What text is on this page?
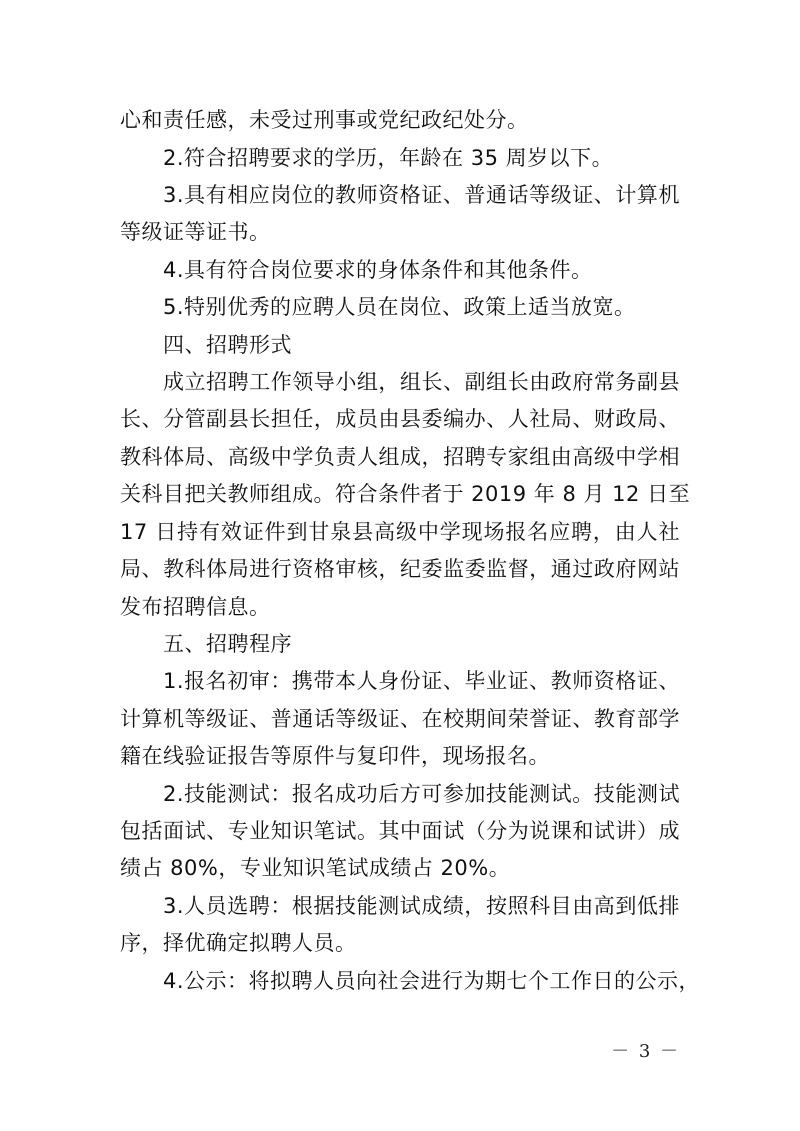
心和责任感，未受过刑事或党纪政纪处分。
2.符合招聘要求的学历，年龄在 35 周岁以下。
3.具有相应岗位的教师资格证、普通话等级证、计算机
等级证等证书。
4.具有符合岗位要求的身体条件和其他条件。
5.特别优秀的应聘人员在岗位、政策上适当放宽。
四、招聘形式
成立招聘工作领导小组，组长、副组长由政府常务副县
长、分管副县长担任，成员由县委编办、人社局、财政局、
教科体局、高级中学负责人组成，招聘专家组由高级中学相
关科目把关教师组成。符合条件者于 2019 年 8 月 12 日至
17 日持有效证件到甘泉县高级中学现场报名应聘，由人社
局、教科体局进行资格审核，纪委监委监督，通过政府网站
发布招聘信息。
五、招聘程序
1.报名初审：携带本人身份证、毕业证、教师资格证、
计算机等级证、普通话等级证、在校期间荣誉证、教育部学
籍在线验证报告等原件与复印件，现场报名。
2.技能测试：报名成功后方可参加技能测试。技能测试
包括面试、专业知识笔试。其中面试（分为说课和试讲）成
绩占 80%，专业知识笔试成绩占 20%。
3.人员选聘：根据技能测试成绩，按照科目由高到低排
序，择优确定拟聘人员。
4.公示：将拟聘人员向社会进行为期七个工作日的公示，
－ 3 －
